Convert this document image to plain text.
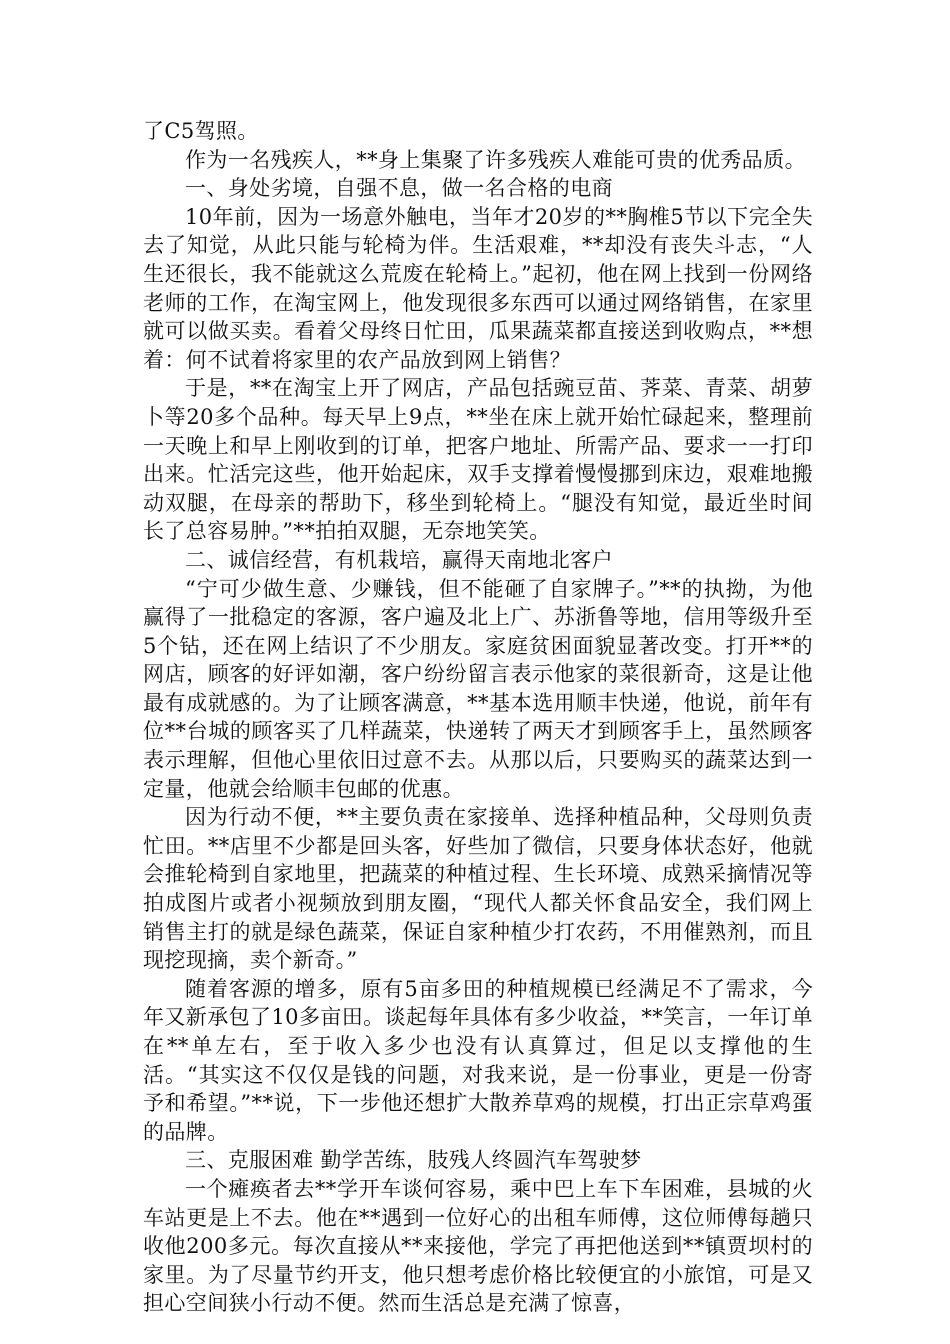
了C5驾照。

作为一名残疾人，**身上集聚了许多残疾人难能可贵的优秀品质。

一、身处劣境，自强不息，做一名合格的电商

10年前，因为一场意外触电，当年才20岁的**胸椎5节以下完全失去了知觉，从此只能与轮椅为伴。生活艰难，**却没有丧失斗志，“人生还很长，我不能就这么荒废在轮椅上。”起初，他在网上找到一份网络老师的工作，在淘宝网上，他发现很多东西可以通过网络销售，在家里就可以做买卖。看着父母终日忙田，瓜果蔬菜都直接送到收购点，**想着：何不试着将家里的农产品放到网上销售？

于是，**在淘宝上开了网店，产品包括豌豆苗、荠菜、青菜、胡萝卜等20多个品种。每天早上9点，**坐在床上就开始忙碌起来，整理前一天晚上和早上刚收到的订单，把客户地址、所需产品、要求一一打印出来。忙活完这些，他开始起床，双手支撑着慢慢挪到床边，艰难地搬动双腿，在母亲的帮助下，移坐到轮椅上。“腿没有知觉，最近坐时间长了总容易肿。”**拍拍双腿，无奈地笑笑。

二、诚信经营，有机栽培，赢得天南地北客户

“宁可少做生意、少赚钱，但不能砸了自家牌子。”**的执拗，为他赢得了一批稳定的客源，客户遍及北上广、苏浙鲁等地，信用等级升至5个钻，还在网上结识了不少朋友。家庭贫困面貌显著改变。打开**的网店，顾客的好评如潮，客户纷纷留言表示他家的菜很新奇，这是让他最有成就感的。为了让顾客满意，**基本选用顺丰快递，他说，前年有位**台城的顾客买了几样蔬菜，快递转了两天才到顾客手上，虽然顾客表示理解，但他心里依旧过意不去。从那以后，只要购买的蔬菜达到一定量，他就会给顺丰包邮的优惠。

因为行动不便，**主要负责在家接单、选择种植品种，父母则负责忙田。**店里不少都是回头客，好些加了微信，只要身体状态好，他就会推轮椅到自家地里，把蔬菜的种植过程、生长环境、成熟采摘情况等拍成图片或者小视频放到朋友圈，“现代人都关怀食品安全，我们网上销售主打的就是绿色蔬菜，保证自家种植少打农药，不用催熟剂，而且现挖现摘，卖个新奇。”

随着客源的增多，原有5亩多田的种植规模已经满足不了需求，今年又新承包了10多亩田。谈起每年具体有多少收益，**笑言，一年订单在**单左右，至于收入多少也没有认真算过，但足以支撑他的生活。“其实这不仅仅是钱的问题，对我来说，是一份事业，更是一份寄予和希望。”**说，下一步他还想扩大散养草鸡的规模，打出正宗草鸡蛋的品牌。

三、克服困难 勤学苦练，肢残人终圆汽车驾驶梦

一个瘫痪者去**学开车谈何容易，乘中巴上车下车困难，县城的火车站更是上不去。他在**遇到一位好心的出租车师傅，这位师傅每趟只收他200多元。每次直接从**来接他，学完了再把他送到**镇贾坝村的家里。为了尽量节约开支，他只想考虑价格比较便宜的小旅馆，可是又担心空间狭小行动不便。然而生活总是充满了惊喜，
